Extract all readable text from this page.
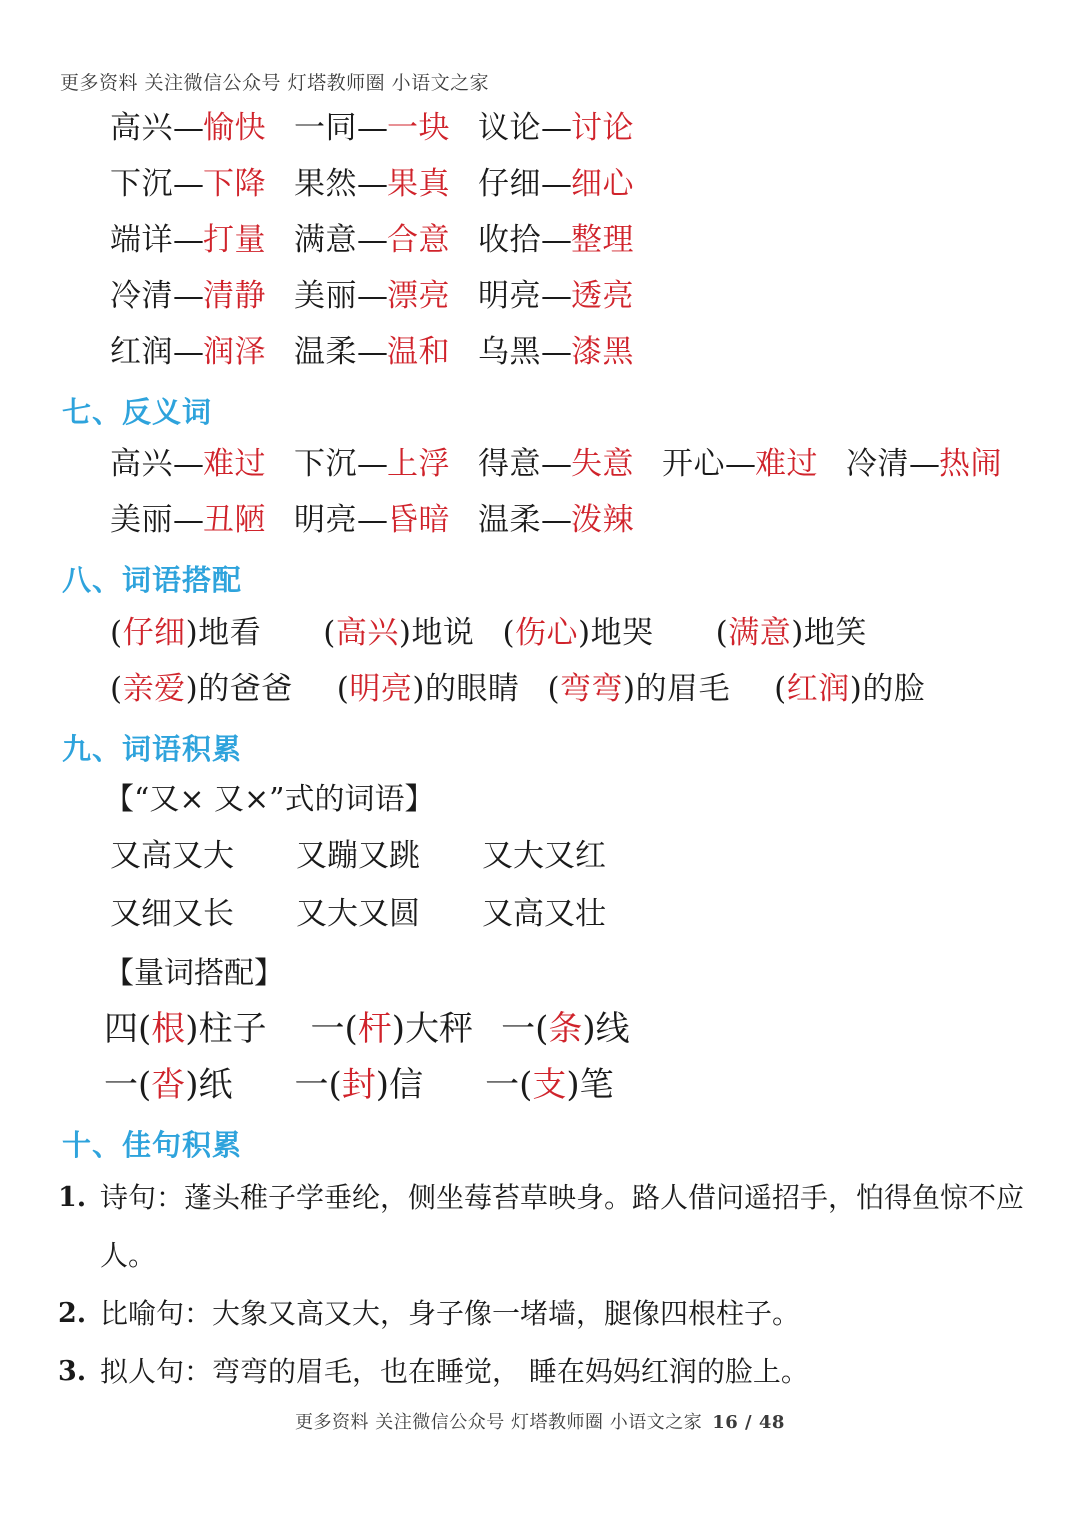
更多资料 关注微信公众号 灯塔教师圈 小语文之家
高兴—愉快 一同—一块 议论—讨论
下沉—下降 果然—果真 仔细—细心
端详—打量 满意—合意 收拾—整理
冷清—清静 美丽—漂亮 明亮—透亮
红润—润泽 温柔—温和 乌黑—漆黑
七、反义词
高兴—难过 下沉—上浮 得意—失意 开心—难过 冷清—热闹
美丽—丑陋 明亮—昏暗 温柔—泼辣
八、词语搭配
(仔细)地看 (高兴)地说 (伤心)地哭 (满意)地笑
(亲爱)的爸爸 (明亮)的眼睛 (弯弯)的眉毛 (红润)的脸
九、词语积累
【“又× 又×”式的词语】
又高又大 又蹦又跳 又大又红
又细又长 又大又圆 又高又壮
【量词搭配】
四(根)柱子 一(杆)大秤 一(条)线
一(沓)纸 一(封)信 一(支)笔
十、佳句积累
1. 诗句：蓬头稚子学垂纶，侧坐莓苔草映身。路人借问遥招手，怕得鱼惊不应人。
2. 比喻句：大象又高又大，身子像一堵墙，腿像四根柱子。
3. 拟人句：弯弯的眉毛，也在睡觉， 睡在妈妈红润的脸上。
更多资料 关注微信公众号 灯塔教师圈 小语文之家 16 / 48
